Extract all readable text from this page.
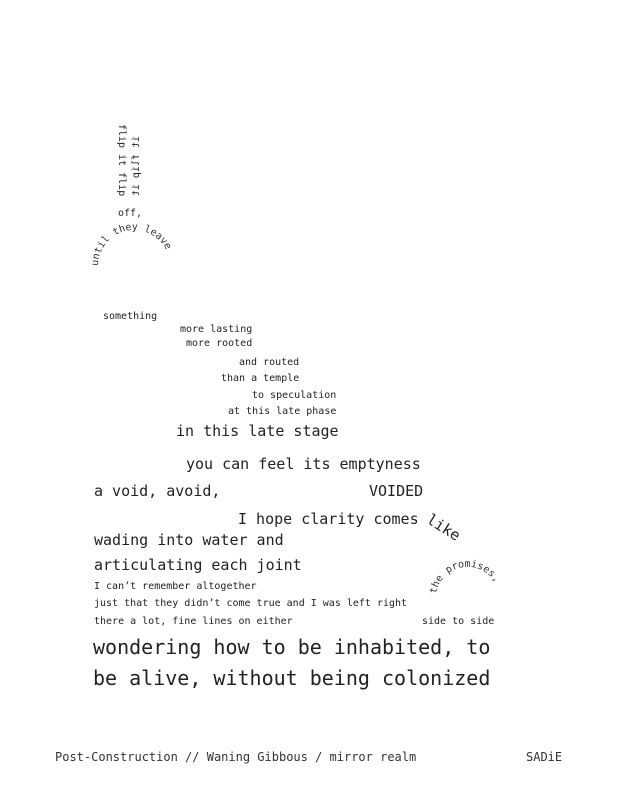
flip it flip it flip it
off,
until they leave
something
more lasting
more rooted
and routed
than a temple
to speculation
at this late phase
in this late stage
you can feel its emptyness
a void, avoid,	VOIDED
I hope clarity comes like
wading into water and
articulating each joint
the promises,
I can’t remember altogether
just that they didn’t come true and I was left right
there a lot, fine lines on either	side to side
wondering how to be inhabited, to
be alive, without being colonized
Post-Construction // Waning Gibbous / mirror realm	SADiE
